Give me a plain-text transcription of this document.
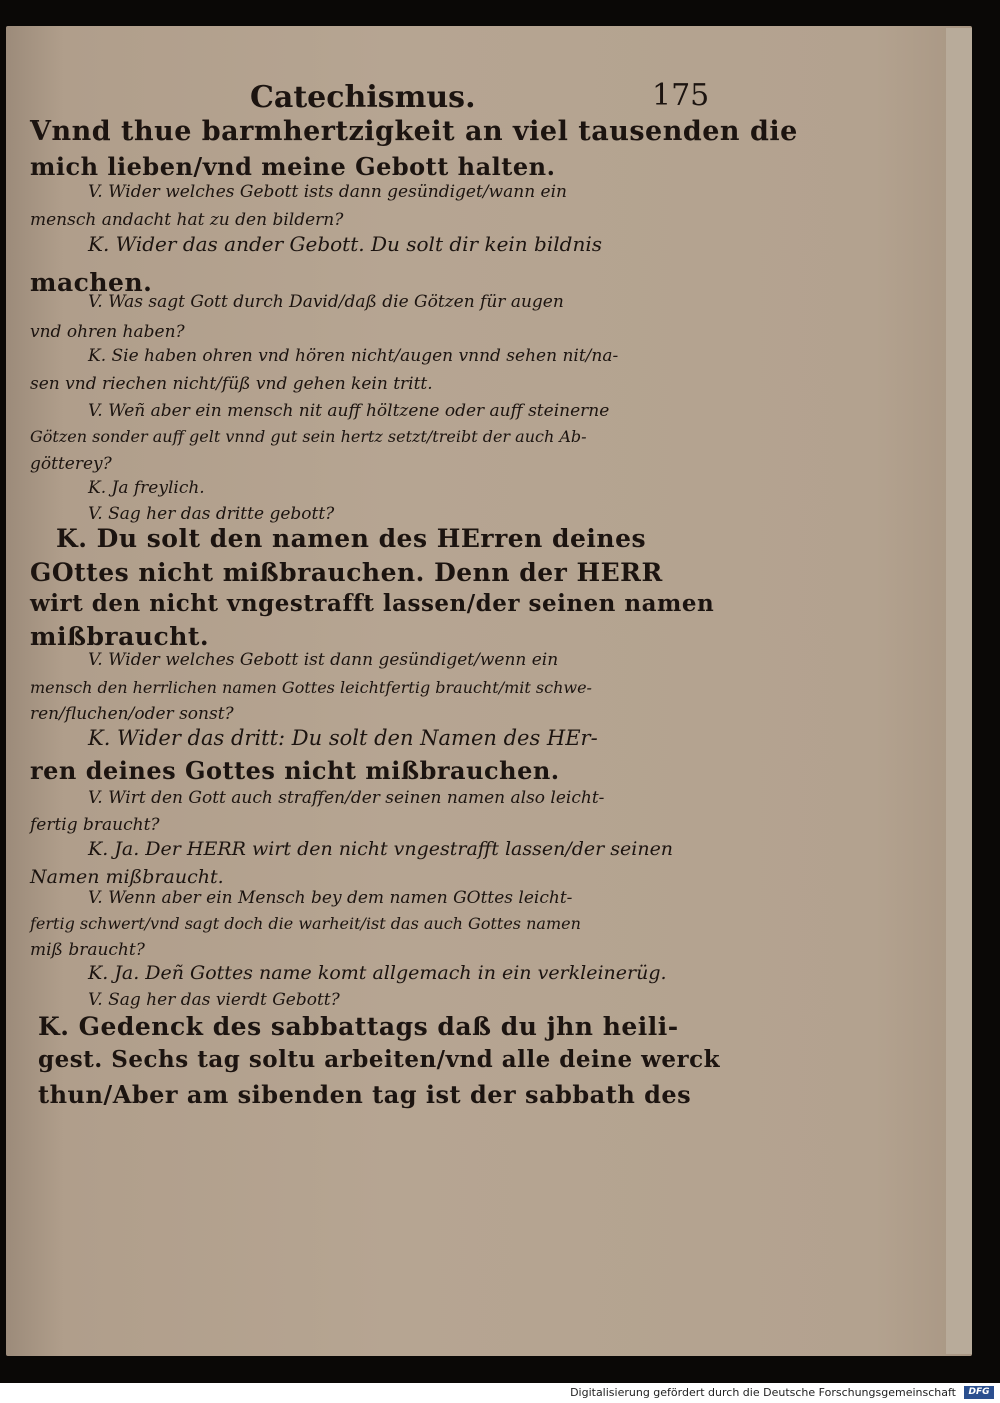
Catechismus.	175
Vnnd thue barmhertzigkeit an viel tausenden die
mich lieben/vnd meine Gebott halten.
V. Wider welches Gebott ists dann gesündiget/wann ein
mensch andacht hat zu den bildern?
K. Wider das ander Gebott. Du solt dir kein bildnis
machen.
V. Was sagt Gott durch David/daß die Götzen für augen
vnd ohren haben?
K. Sie haben ohren vnd hören nicht/augen vnnd sehen nit/na-
sen vnd riechen nicht/füß vnd gehen kein tritt.
V. Weñ aber ein mensch nit auff höltzene oder auff steinerne
Götzen sonder auff gelt vnnd gut sein hertz setzt/treibt der auch Ab-
götterey?
K. Ja freylich.
V. Sag her das dritte gebott?
K. Du solt den namen des HErren deines
GOttes nicht mißbrauchen. Denn der HERR
wirt den nicht vngestrafft lassen/der seinen namen
mißbraucht.
V. Wider welches Gebott ist dann gesündiget/wenn ein
mensch den herrlichen namen Gottes leichtfertig braucht/mit schwe-
ren/fluchen/oder sonst?
K. Wider das dritt: Du solt den Namen des HEr-
ren deines Gottes nicht mißbrauchen.
V. Wirt den Gott auch straffen/der seinen namen also leicht-
fertig braucht?
K. Ja. Der HERR wirt den nicht vngestrafft lassen/der seinen
Namen mißbraucht.
V. Wenn aber ein Mensch bey dem namen GOttes leicht-
fertig schwert/vnd sagt doch die warheit/ist das auch Gottes namen
miß braucht?
K. Ja. Deñ Gottes name komt allgemach in ein verkleinerüg.
V. Sag her das vierdt Gebott?
K. Gedenck des sabbattags daß du jhn heili-
gest. Sechs tag soltu arbeiten/vnd alle deine werck
thun/Aber am sibenden tag ist der sabbath des
Digitalisierung gefördert durch die Deutsche Forschungsgemeinschaft	DFG
